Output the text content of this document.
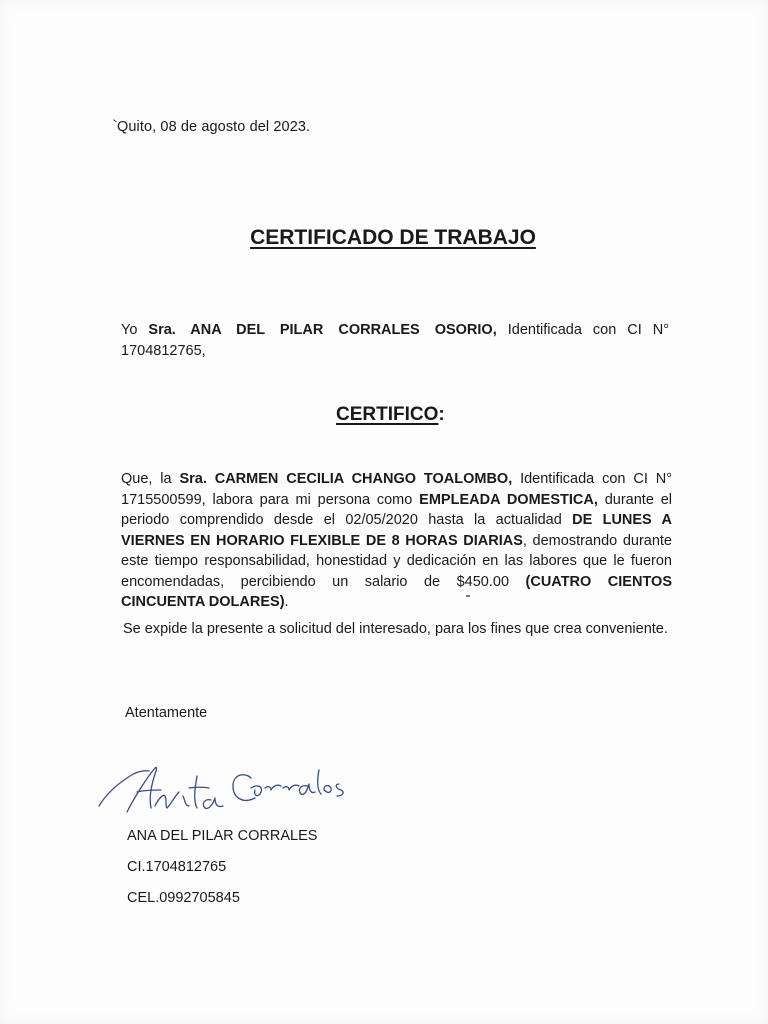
Quito, 08 de agosto del 2023.
CERTIFICADO DE TRABAJO
Yo Sra. ANA DEL PILAR CORRALES OSORIO, Identificada con CI N° 1704812765,
CERTIFICO:
Que, la Sra. CARMEN CECILIA CHANGO TOALOMBO, Identificada con CI N° 1715500599, labora para mi persona como EMPLEADA DOMESTICA, durante el periodo comprendido desde el 02/05/2020 hasta la actualidad DE LUNES A VIERNES EN HORARIO FLEXIBLE DE 8 HORAS DIARIAS, demostrando durante este tiempo responsabilidad, honestidad y dedicación en las labores que le fueron encomendadas, percibiendo un salario de $450.00 (CUATRO CIENTOS CINCUENTA DOLARES).
Se expide la presente a solicitud del interesado, para los fines que crea conveniente.
Atentamente
ANA DEL PILAR CORRALES
CI.1704812765
CEL.0992705845
